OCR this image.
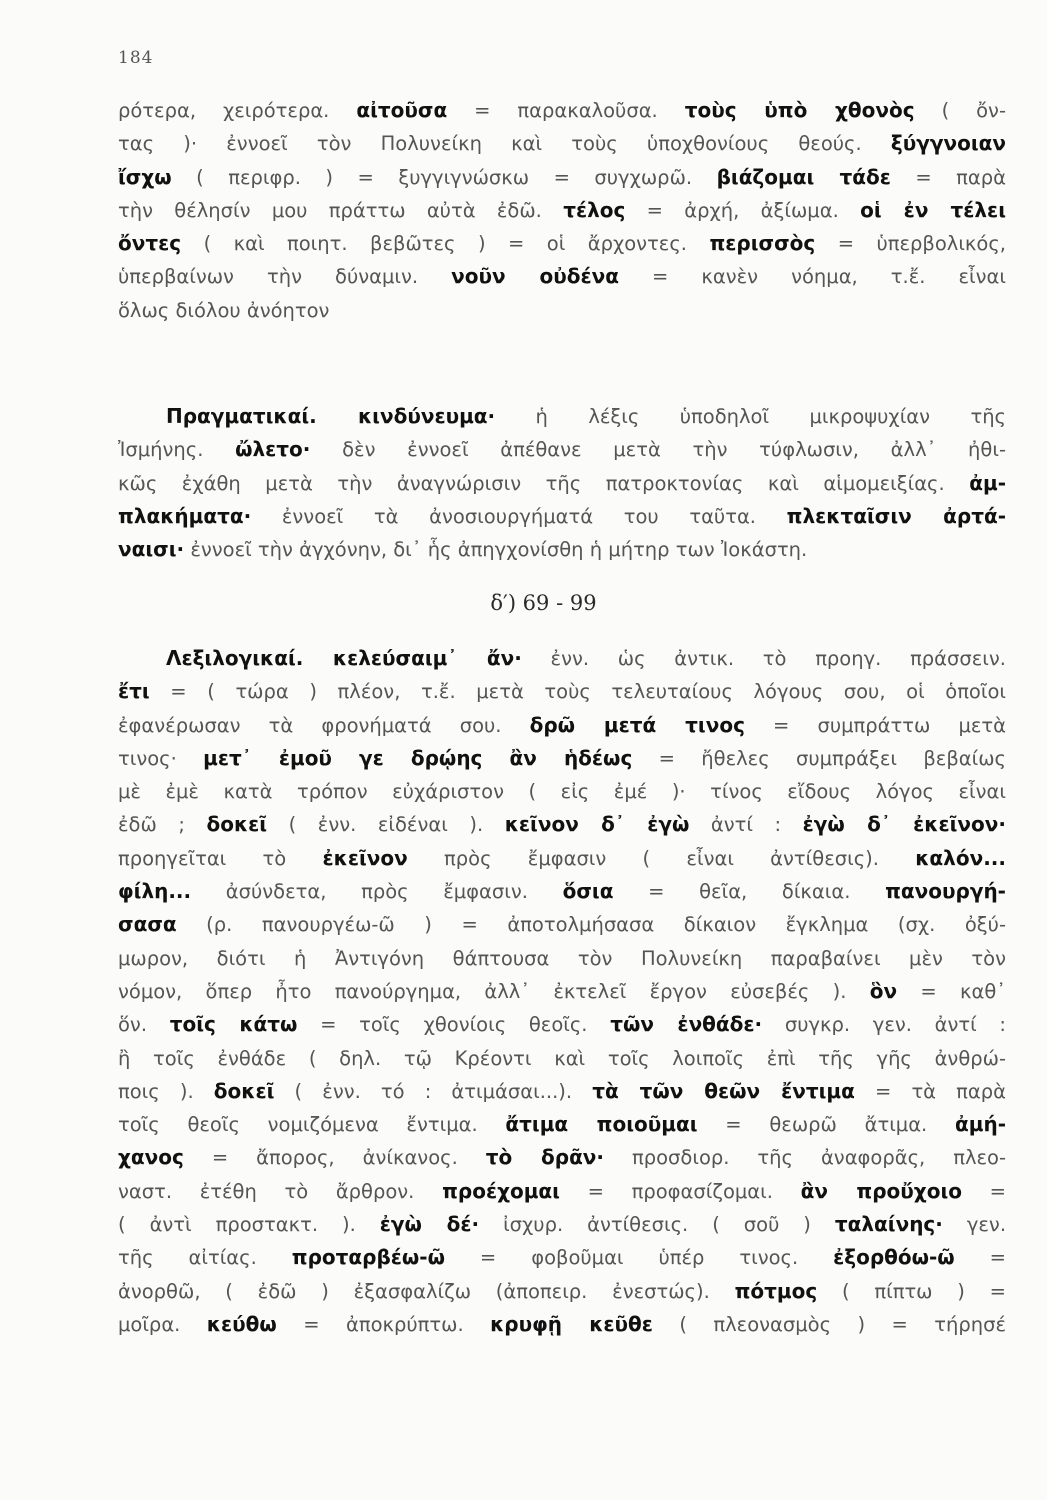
184

ρότερα, χειρότερα. αἰτοῦσα = παρακαλοῦσα. τοὺς ὑπὸ χθονὸς ( ὄν-

τας )· ἐννοεῖ τὸν Πολυνείκη καὶ τοὺς ὑποχθονίους θεούς. ξύγγνοιαν

ἴσχω ( περιφρ. ) = ξυγγιγνώσκω = συγχωρῶ. βιάζομαι τάδε = παρὰ

τὴν θέλησίν μου πράττω αὐτὰ ἐδῶ. τέλος = ἀρχή, ἀξίωμα. οἱ ἐν τέλει

ὄντες ( καὶ ποιητ. βεβῶτες ) = οἱ ἄρχοντες. περισσὸς = ὑπερβολικός,

ὑπερβαίνων τὴν δύναμιν. νοῦν οὐδένα = κανὲν νόημα, τ.ἔ. εἶναι

ὅλως διόλου ἀνόητον

Πραγματικαί. κινδύνευμα· ἡ λέξις ὑποδηλοῖ μικροψυχίαν τῆς

Ἰσμήνης. ὤλετο· δὲν ἐννοεῖ ἀπέθανε μετὰ τὴν τύφλωσιν, ἀλλ᾽ ἠθι-

κῶς ἐχάθη μετὰ τὴν ἀναγνώρισιν τῆς πατροκτονίας καὶ αἱμομειξίας. ἀμ-

πλακήματα· ἐννοεῖ τὰ ἀνοσιουργήματά του ταῦτα. πλεκταῖσιν ἀρτά-

ναισι· ἐννοεῖ τὴν ἀγχόνην, δι᾽ ἧς ἀπηγχονίσθη ἡ μήτηρ των Ἰοκάστη.

δ′) 69 - 99

Λεξιλογικαί. κελεύσαιμ᾽ ἄν· ἐνν. ὡς ἀντικ. τὸ προηγ. πράσσειν.

ἔτι = ( τώρα ) πλέον, τ.ἔ. μετὰ τοὺς τελευταίους λόγους σου, οἱ ὁποῖοι

ἐφανέρωσαν τὰ φρονήματά σου. δρῶ μετά τινος = συμπράττω μετὰ

τινος· μετ᾽ ἐμοῦ γε δρῴης ἂν ἡδέως = ἤθελες συμπράξει βεβαίως

μὲ ἐμὲ κατὰ τρόπον εὐχάριστον ( εἰς ἐμέ )· τίνος εἴδους λόγος εἶναι

ἐδῶ ; δοκεῖ ( ἐνν. εἰδέναι ). κεῖνον δ᾽ ἐγὼ ἀντί : ἐγὼ δ᾽ ἐκεῖνον·

προηγεῖται τὸ ἐκεῖνον πρὸς ἔμφασιν ( εἶναι ἀντίθεσις). καλόν...

φίλη... ἀσύνδετα, πρὸς ἔμφασιν. ὅσια = θεῖα, δίκαια. πανουργή-

σασα (ρ. πανουργέω-ῶ ) = ἀποτολμήσασα δίκαιον ἔγκλημα (σχ. ὀξύ-

μωρον, διότι ἡ Ἀντιγόνη θάπτουσα τὸν Πολυνείκη παραβαίνει μὲν τὸν

νόμον, ὅπερ ἦτο πανούργημα, ἀλλ᾽ ἐκτελεῖ ἔργον εὐσεβές ). ὃν = καθ᾽

ὅν. τοῖς κάτω = τοῖς χθονίοις θεοῖς. τῶν ἐνθάδε· συγκρ. γεν. ἀντί :

ἢ τοῖς ἐνθάδε ( δηλ. τῷ Κρέοντι καὶ τοῖς λοιποῖς ἐπὶ τῆς γῆς ἀνθρώ-

ποις ). δοκεῖ ( ἐνν. τό : ἀτιμάσαι...). τὰ τῶν θεῶν ἔντιμα = τὰ παρὰ

τοῖς θεοῖς νομιζόμενα ἔντιμα. ἄτιμα ποιοῦμαι = θεωρῶ ἄτιμα. ἀμή-

χανος = ἄπορος, ἀνίκανος. τὸ δρᾶν· προσδιορ. τῆς ἀναφορᾶς, πλεο-

ναστ. ἐτέθη τὸ ἄρθρον. προέχομαι = προφασίζομαι. ἂν προὔχοιο =

( ἀντὶ προστακτ. ). ἐγὼ δέ· ἰσχυρ. ἀντίθεσις. ( σοῦ ) ταλαίνης· γεν.

τῆς αἰτίας. προταρβέω-ῶ = φοβοῦμαι ὑπέρ τινος. ἐξορθόω-ῶ =

ἀνορθῶ, ( ἐδῶ ) ἐξασφαλίζω (ἀποπειρ. ἐνεστώς). πότμος ( πίπτω ) =

μοῖρα. κεύθω = ἀποκρύπτω. κρυφῇ κεῦθε ( πλεονασμὸς ) = τήρησέ
